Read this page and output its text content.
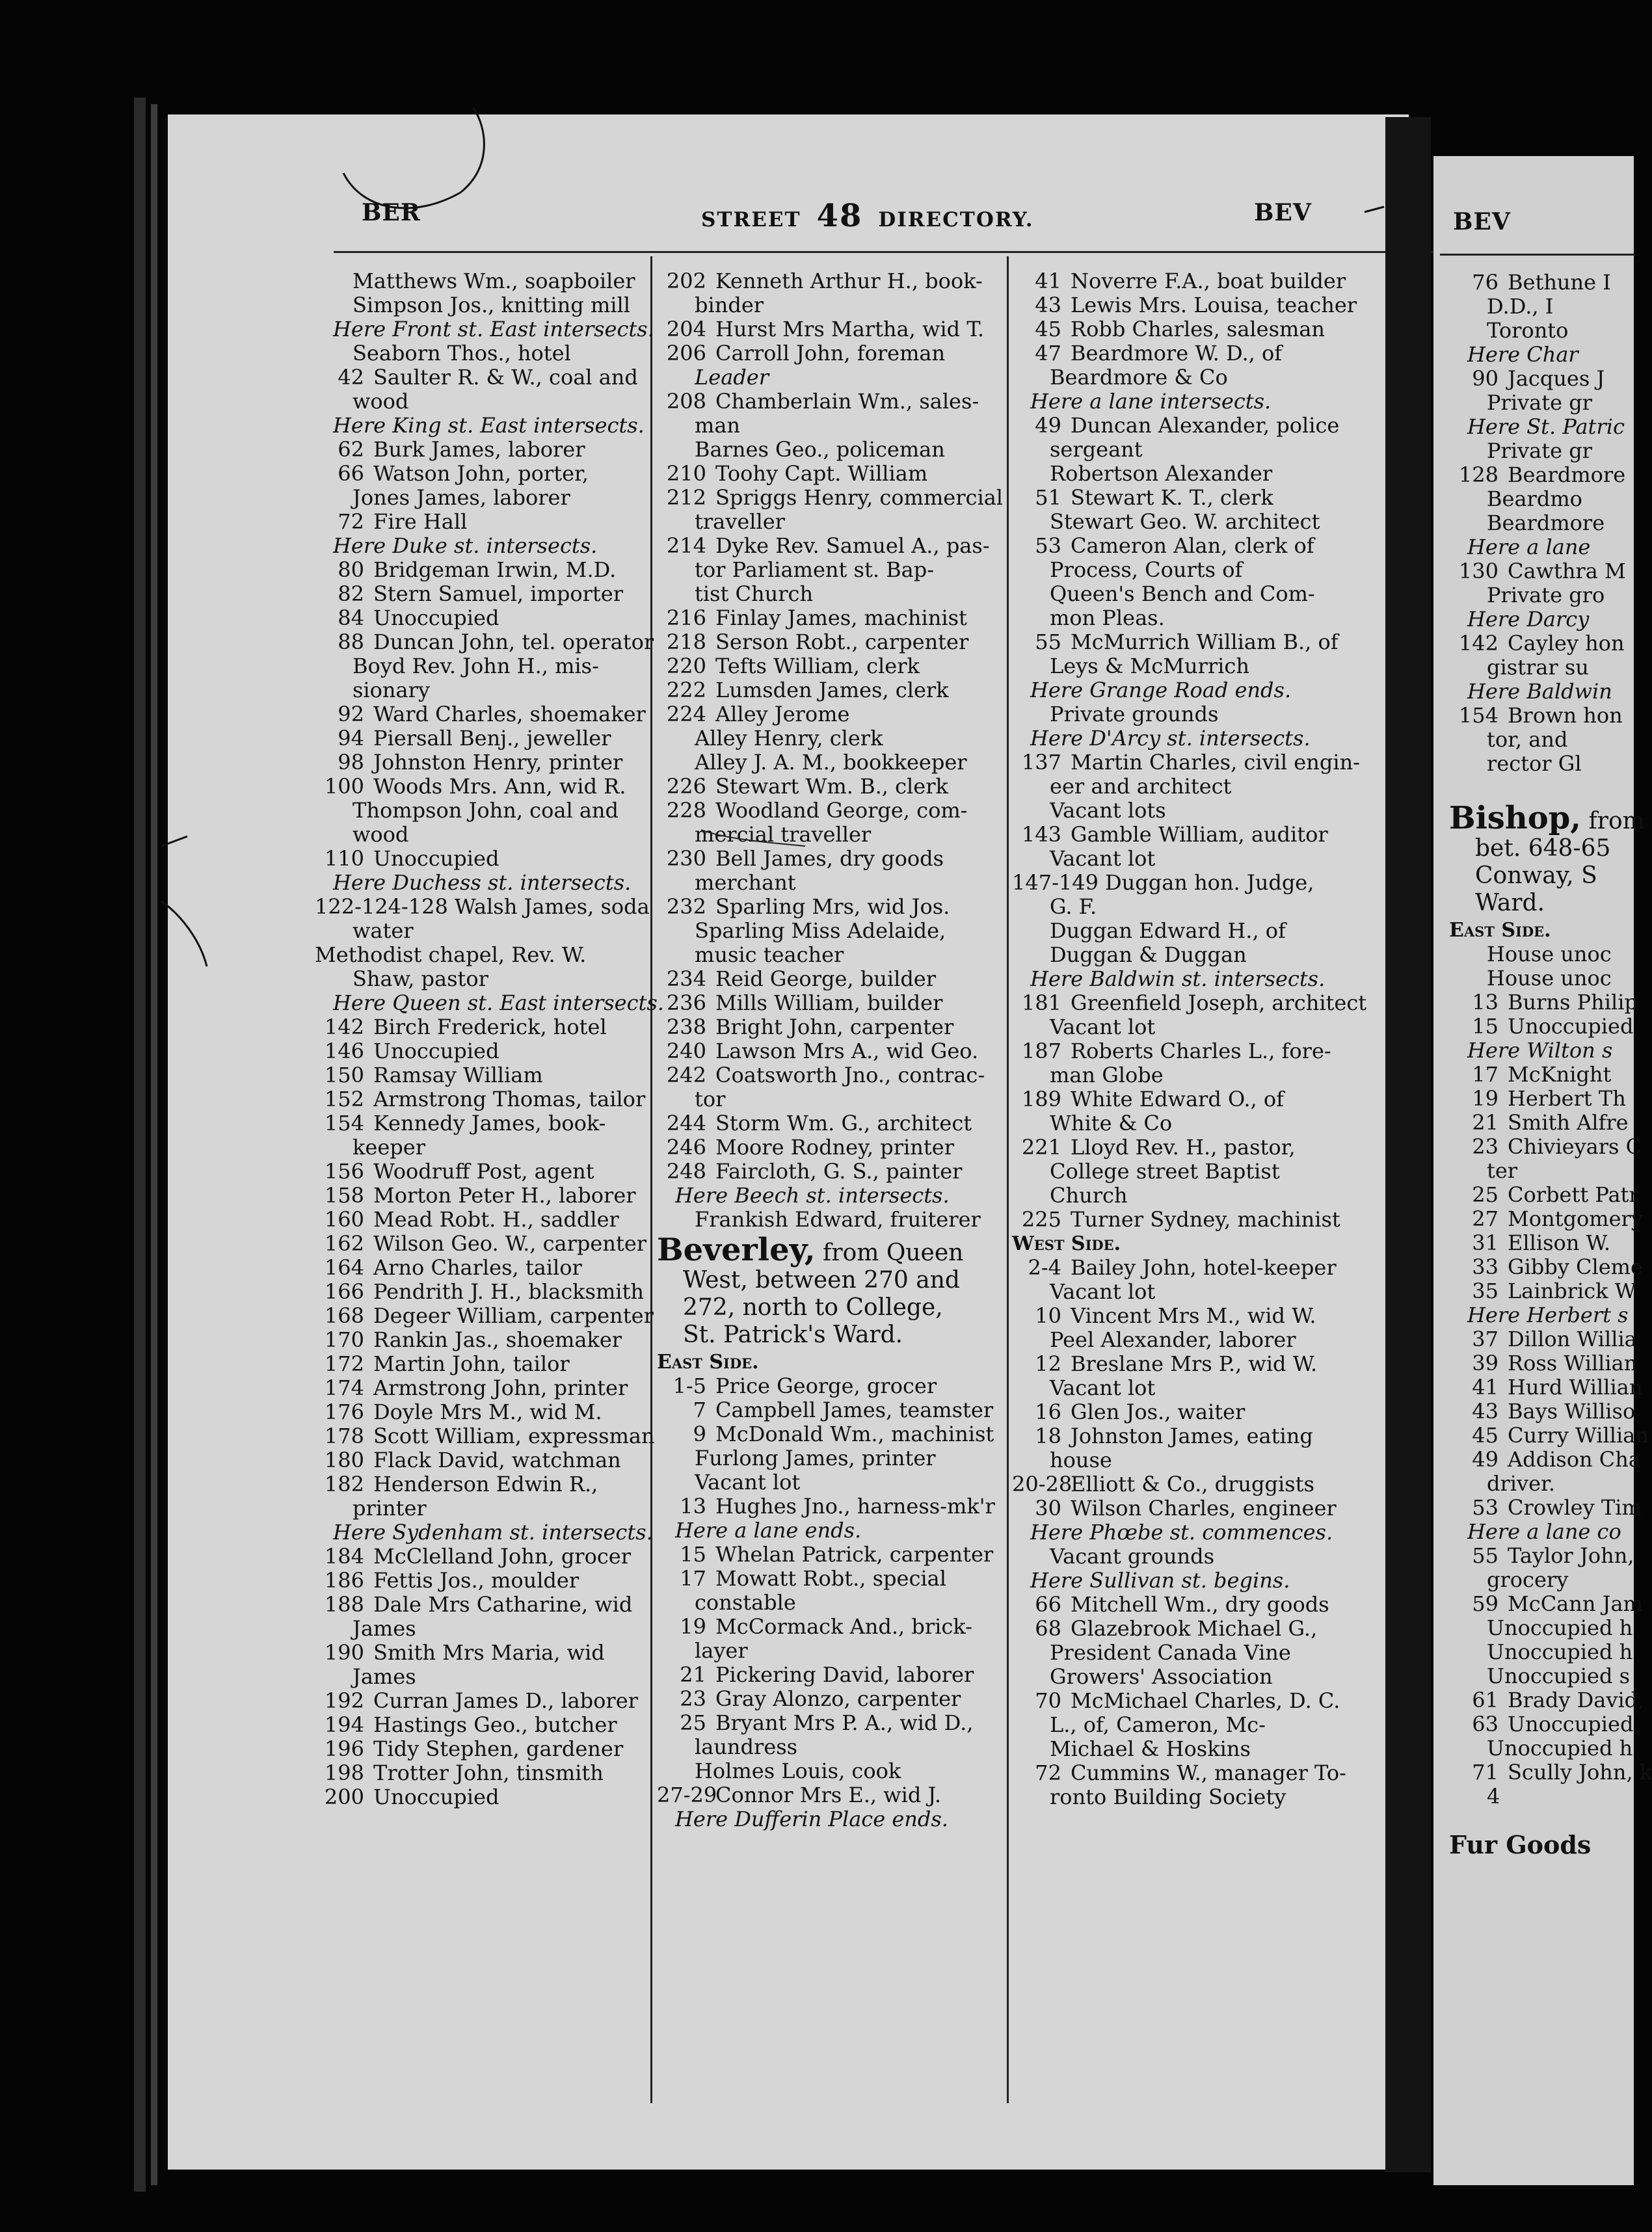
BER	STREET 48 DIRECTORY.	BEV
Matthews Wm., soapboiler
Simpson Jos., knitting mill
Here Front st. East intersects.
Seaborn Thos., hotel
42 Saulter R. & W., coal and
wood
Here King st. East intersects.
62 Burk James, laborer
66 Watson John, porter,
Jones James, laborer
72 Fire Hall
Here Duke st. intersects.
80 Bridgeman Irwin, M.D.
82 Stern Samuel, importer
84 Unoccupied
88 Duncan John, tel. operator
Boyd Rev. John H., mis-
sionary
92 Ward Charles, shoemaker
94 Piersall Benj., jeweller
98 Johnston Henry, printer
100 Woods Mrs. Ann, wid R.
Thompson John, coal and
wood
110 Unoccupied
Here Duchess st. intersects.
122-124-128 Walsh James, soda
water
Methodist chapel, Rev. W.
Shaw, pastor
Here Queen st. East intersects.
142 Birch Frederick, hotel
146 Unoccupied
150 Ramsay William
152 Armstrong Thomas, tailor
154 Kennedy James, book-
keeper
156 Woodruff Post, agent
158 Morton Peter H., laborer
160 Mead Robt. H., saddler
162 Wilson Geo. W., carpenter
164 Arno Charles, tailor
166 Pendrith J. H., blacksmith
168 Degeer William, carpenter
170 Rankin Jas., shoemaker
172 Martin John, tailor
174 Armstrong John, printer
176 Doyle Mrs M., wid M.
178 Scott William, expressman
180 Flack David, watchman
182 Henderson Edwin R.,
printer
Here Sydenham st. intersects.
184 McClelland John, grocer
186 Fettis Jos., moulder
188 Dale Mrs Catharine, wid
James
190 Smith Mrs Maria, wid
James
192 Curran James D., laborer
194 Hastings Geo., butcher
196 Tidy Stephen, gardener
198 Trotter John, tinsmith
200 Unoccupied
202 Kenneth Arthur H., book-
binder
204 Hurst Mrs Martha, wid T.
206 Carroll John, foreman
Leader
208 Chamberlain Wm., sales-
man
Barnes Geo., policeman
210 Toohy Capt. William
212 Spriggs Henry, commercial
traveller
214 Dyke Rev. Samuel A., pas-
tor Parliament st. Bap-
tist Church
216 Finlay James, machinist
218 Serson Robt., carpenter
220 Tefts William, clerk
222 Lumsden James, clerk
224 Alley Jerome
Alley Henry, clerk
Alley J. A. M., bookkeeper
226 Stewart Wm. B., clerk
228 Woodland George, com-
mercial traveller
230 Bell James, dry goods
merchant
232 Sparling Mrs, wid Jos.
Sparling Miss Adelaide,
music teacher
234 Reid George, builder
236 Mills William, builder
238 Bright John, carpenter
240 Lawson Mrs A., wid Geo.
242 Coatsworth Jno., contrac-
tor
244 Storm Wm. G., architect
246 Moore Rodney, printer
248 Faircloth, G. S., painter
Here Beech st. intersects.
Frankish Edward, fruiterer
Beverley, from Queen
West, between 270 and
272, north to College,
St. Patrick's Ward.
East Side.
1-5 Price George, grocer
7 Campbell James, teamster
9 McDonald Wm., machinist
Furlong James, printer
Vacant lot
13 Hughes Jno., harness-mk'r
Here a lane ends.
15 Whelan Patrick, carpenter
17 Mowatt Robt., special
constable
19 McCormack And., brick-
layer
21 Pickering David, laborer
23 Gray Alonzo, carpenter
25 Bryant Mrs P. A., wid D.,
laundress
Holmes Louis, cook
27-29Connor Mrs E., wid J.
Here Dufferin Place ends.
41 Noverre F.A., boat builder
43 Lewis Mrs. Louisa, teacher
45 Robb Charles, salesman
47 Beardmore W. D., of
Beardmore & Co
Here a lane intersects.
49 Duncan Alexander, police
sergeant
Robertson Alexander
51 Stewart K. T., clerk
Stewart Geo. W. architect
53 Cameron Alan, clerk of
Process, Courts of
Queen's Bench and Com-
mon Pleas.
55 McMurrich William B., of
Leys & McMurrich
Here Grange Road ends.
Private grounds
Here D'Arcy st. intersects.
137 Martin Charles, civil engin-
eer and architect
Vacant lots
143 Gamble William, auditor
Vacant lot
147-149 Duggan hon. Judge,
G. F.
Duggan Edward H., of
Duggan & Duggan
Here Baldwin st. intersects.
181 Greenfield Joseph, architect
Vacant lot
187 Roberts Charles L., fore-
man Globe
189 White Edward O., of
White & Co
221 Lloyd Rev. H., pastor,
College street Baptist
Church
225 Turner Sydney, machinist
West Side.
2-4 Bailey John, hotel-keeper
Vacant lot
10 Vincent Mrs M., wid W.
Peel Alexander, laborer
12 Breslane Mrs P., wid W.
Vacant lot
16 Glen Jos., waiter
18 Johnston James, eating
house
20-28Elliott & Co., druggists
30 Wilson Charles, engineer
Here Phœbe st. commences.
Vacant grounds
Here Sullivan st. begins.
66 Mitchell Wm., dry goods
68 Glazebrook Michael G.,
President Canada Vine
Growers' Association
70 McMichael Charles, D. C.
L., of, Cameron, Mc-
Michael & Hoskins
72 Cummins W., manager To-
ronto Building Society
BEV
76 Bethune I
D.D., I
Toronto
Here Char
90 Jacques J
Private gr
Here St. Patric
Private gr
128 Beardmore
Beardmo
Beardmore
Here a lane
130 Cawthra M
Private gro
Here Darcy
142 Cayley hon
gistrar su
Here Baldwin
154 Brown hon
tor, and
rector Gl
Bishop, from
bet. 648-65
Conway, S
Ward.
East Side.
House unoc
House unoc
13 Burns Philip
15 Unoccupied
Here Wilton s
17 McKnight
19 Herbert Th
21 Smith Alfre
23 Chivieyars C
ter
25 Corbett Patr
27 Montgomery
31 Ellison W.
33 Gibby Cleme
35 Lainbrick W
Here Herbert s
37 Dillon Willia
39 Ross Willian
41 Hurd Willian
43 Bays Williso
45 Curry Willian
49 Addison Cha
driver.
53 Crowley Tim
Here a lane co
55 Taylor John,
grocery
59 McCann Jam
Unoccupied h
Unoccupied h
Unoccupied s
61 Brady David,
63 Unoccupied
Unoccupied h
71 Scully John, k
4
Fur Goods
